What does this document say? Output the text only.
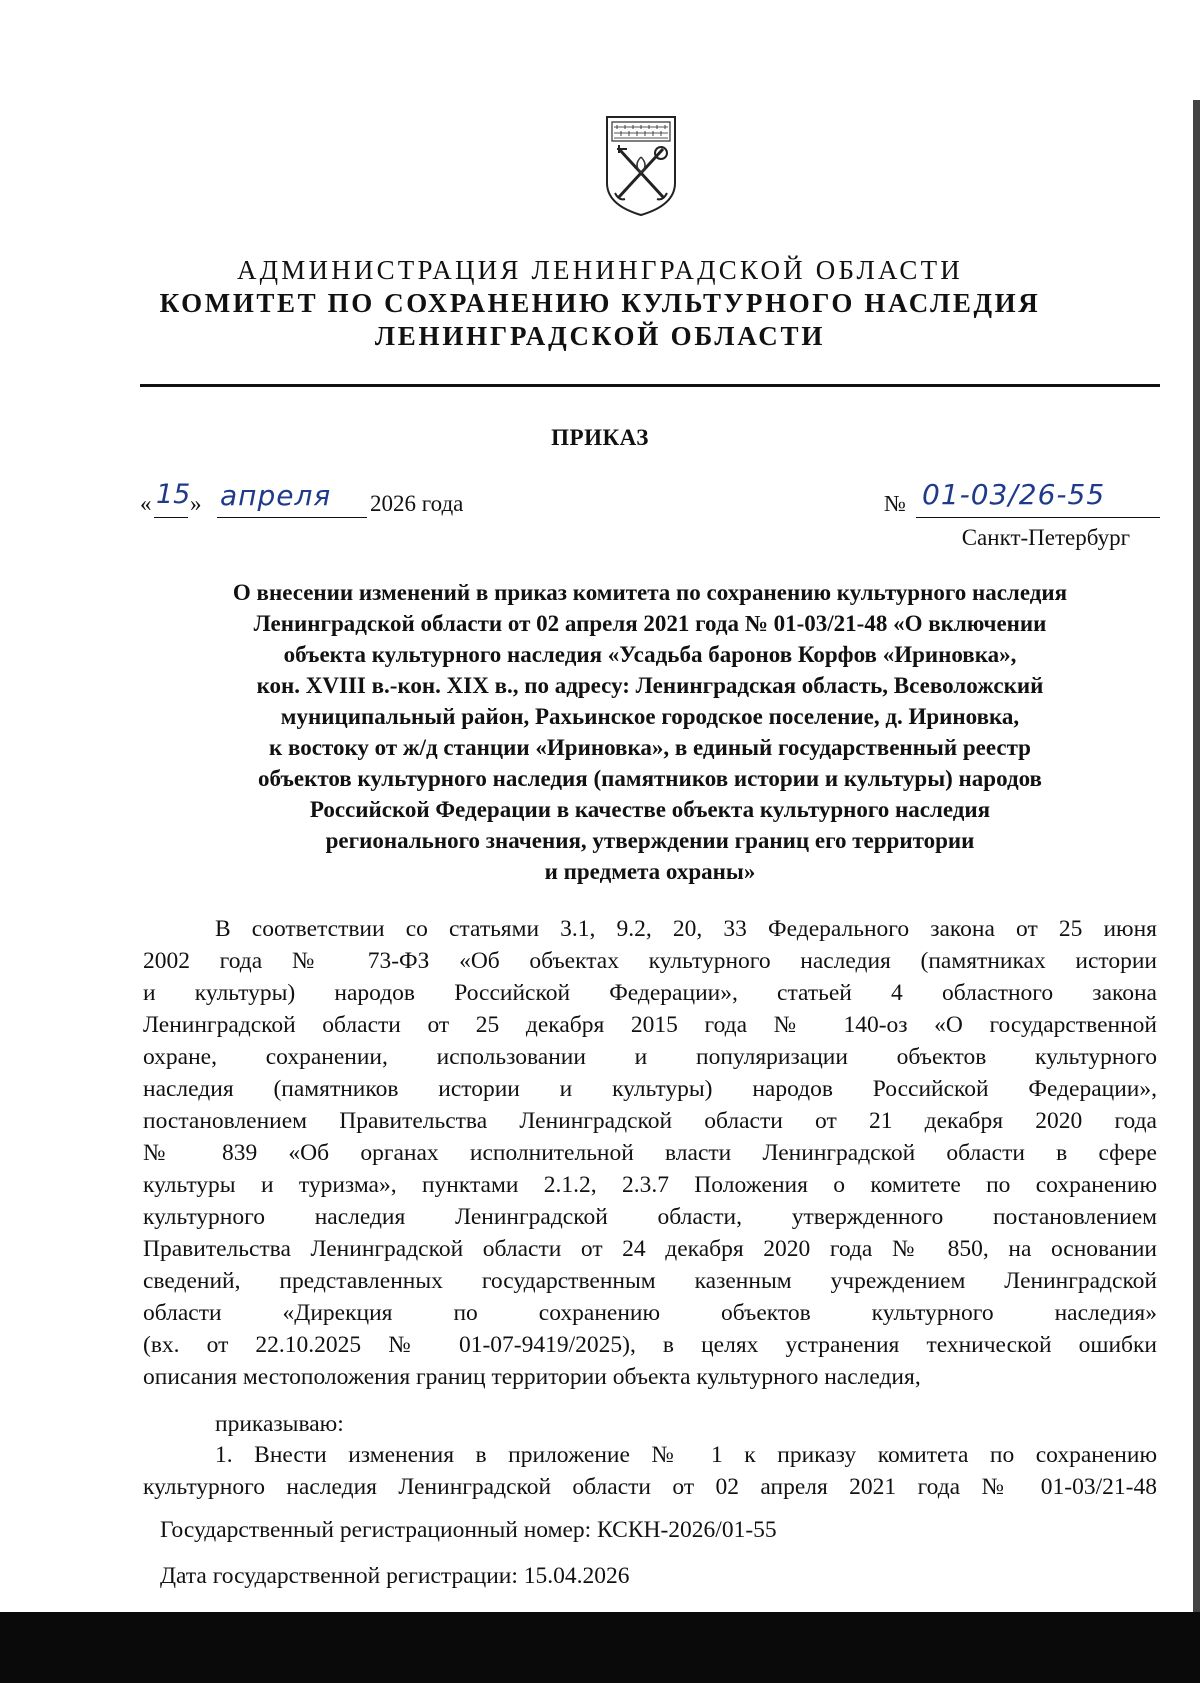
АДМИНИСТРАЦИЯ ЛЕНИНГРАДСКОЙ ОБЛАСТИ
КОМИТЕТ ПО СОХРАНЕНИЮ КУЛЬТУРНОГО НАСЛЕДИЯ
ЛЕНИНГРАДСКОЙ ОБЛАСТИ
ПРИКАЗ
« 15 » апреля 2026 года	№ 01-03/26-55
Санкт-Петербург
О внесении изменений в приказ комитета по сохранению культурного наследия
Ленинградской области от 02 апреля 2021 года № 01-03/21-48 «О включении
объекта культурного наследия «Усадьба баронов Корфов «Ириновка»,
кон. XVIII в.-кон. XIX в., по адресу: Ленинградская область, Всеволожский
муниципальный район, Рахьинское городское поселение, д. Ириновка,
к востоку от ж/д станции «Ириновка», в единый государственный реестр
объектов культурного наследия (памятников истории и культуры) народов
Российской Федерации в качестве объекта культурного наследия
регионального значения, утверждении границ его территории
и предмета охраны»
В соответствии со статьями 3.1, 9.2, 20, 33 Федерального закона от 25 июня
2002 года № 73-ФЗ «Об объектах культурного наследия (памятниках истории
и культуры) народов Российской Федерации», статьей 4 областного закона
Ленинградской области от 25 декабря 2015 года № 140-оз «О государственной
охране, сохранении, использовании и популяризации объектов культурного
наследия (памятников истории и культуры) народов Российской Федерации»,
постановлением Правительства Ленинградской области от 21 декабря 2020 года
№ 839 «Об органах исполнительной власти Ленинградской области в сфере
культуры и туризма», пунктами 2.1.2, 2.3.7 Положения о комитете по сохранению
культурного наследия Ленинградской области, утвержденного постановлением
Правительства Ленинградской области от 24 декабря 2020 года № 850, на основании
сведений, представленных государственным казенным учреждением Ленинградской
области «Дирекция по сохранению объектов культурного наследия»
(вх. от 22.10.2025 № 01-07-9419/2025), в целях устранения технической ошибки
описания местоположения границ территории объекта культурного наследия,
приказываю:
1. Внести изменения в приложение № 1 к приказу комитета по сохранению
культурного наследия Ленинградской области от 02 апреля 2021 года № 01-03/21-48
Государственный регистрационный номер: КСКН-2026/01-55
Дата государственной регистрации: 15.04.2026
